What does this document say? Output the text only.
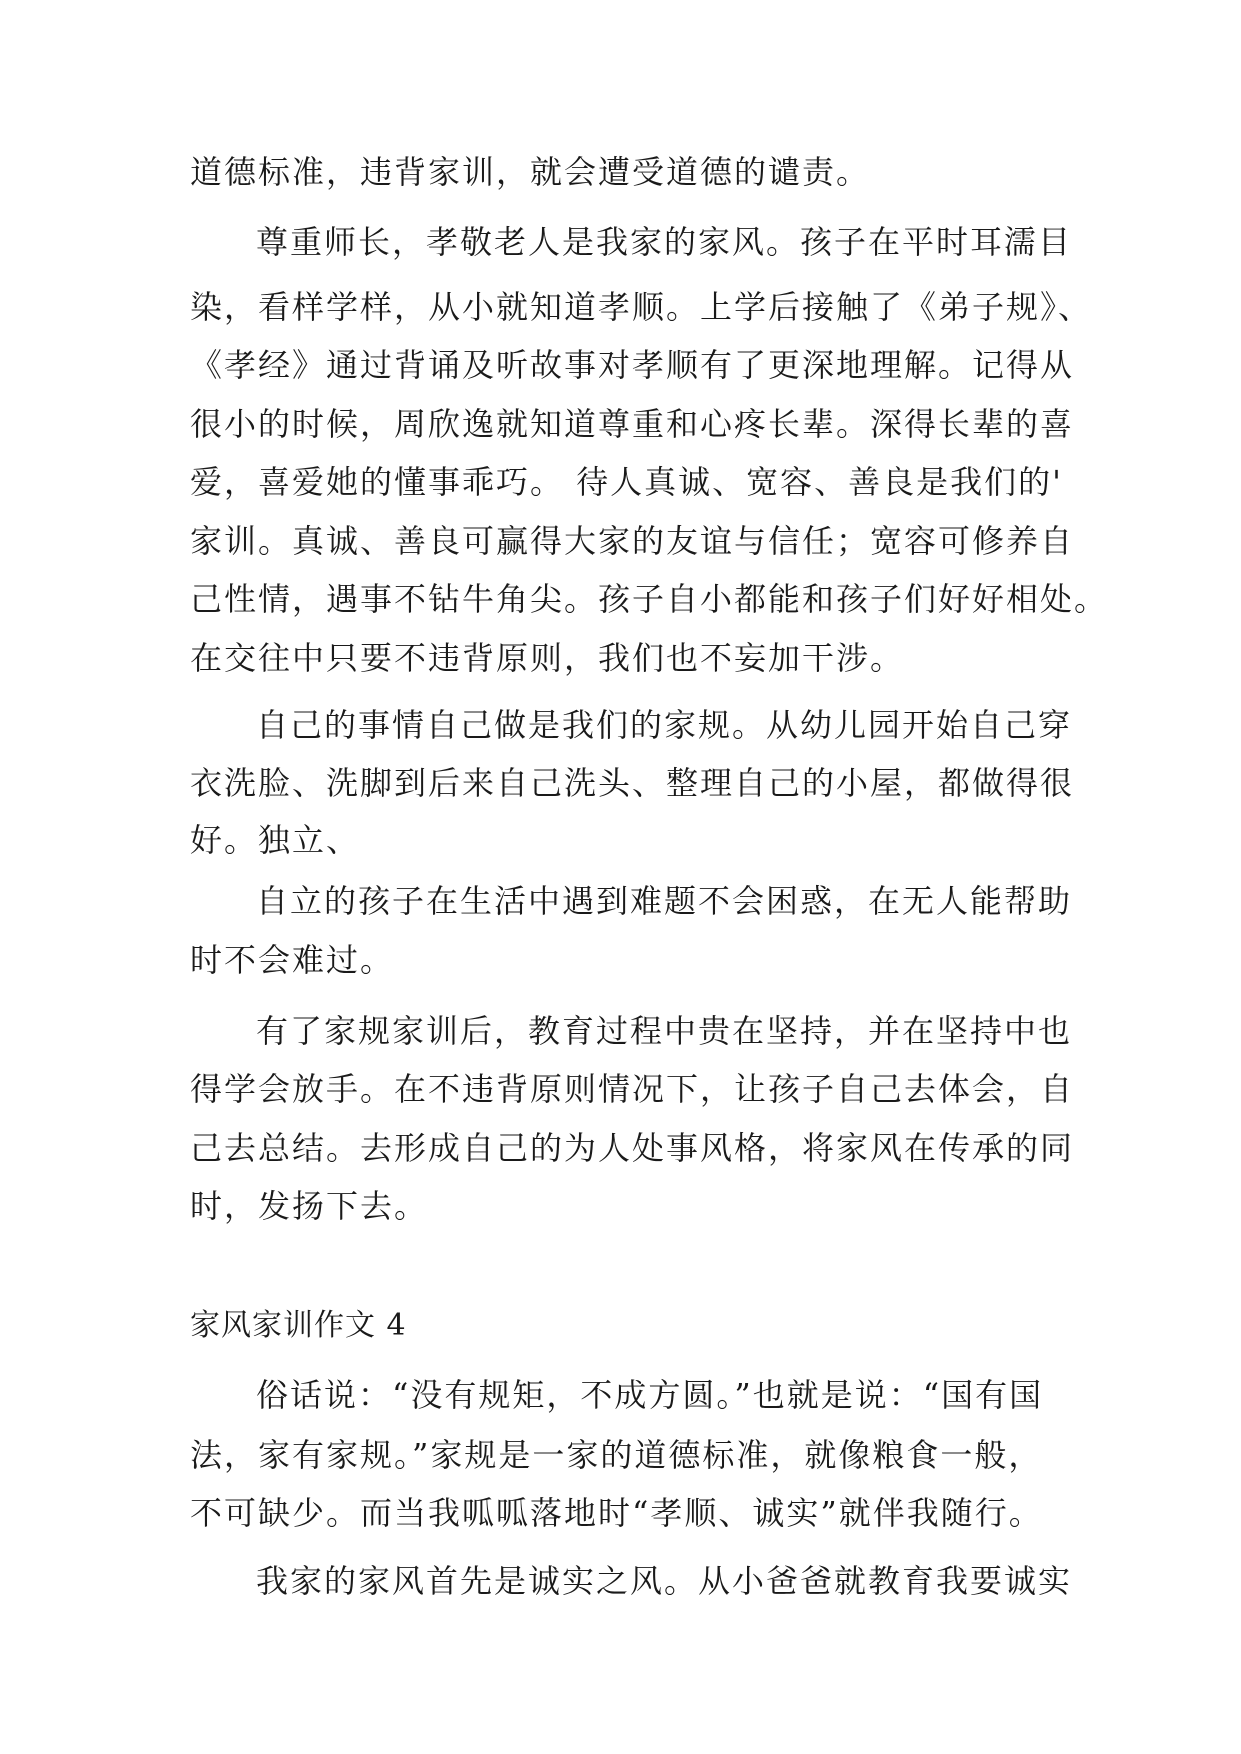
道德标准，违背家训，就会遭受道德的谴责。
尊重师长，孝敬老人是我家的家风。孩子在平时耳濡目
染，看样学样，从小就知道孝顺。上学后接触了《弟子规》、
《孝经》通过背诵及听故事对孝顺有了更深地理解。记得从
很小的时候，周欣逸就知道尊重和心疼长辈。深得长辈的喜
爱，喜爱她的懂事乖巧。 待人真诚、宽容、善良是我们的'
家训。真诚、善良可赢得大家的友谊与信任；宽容可修养自
己性情，遇事不钻牛角尖。孩子自小都能和孩子们好好相处。
在交往中只要不违背原则，我们也不妄加干涉。
自己的事情自己做是我们的家规。从幼儿园开始自己穿
衣洗脸、洗脚到后来自己洗头、整理自己的小屋，都做得很
好。独立、
自立的孩子在生活中遇到难题不会困惑，在无人能帮助
时不会难过。
有了家规家训后，教育过程中贵在坚持，并在坚持中也
得学会放手。在不违背原则情况下，让孩子自己去体会，自
己去总结。去形成自己的为人处事风格，将家风在传承的同
时，发扬下去。
家风家训作文 4
俗话说：“没有规矩，不成方圆。”也就是说：“国有国
法，家有家规。”家规是一家的道德标准，就像粮食一般，
不可缺少。而当我呱呱落地时“孝顺、诚实”就伴我随行。
我家的家风首先是诚实之风。从小爸爸就教育我要诚实
